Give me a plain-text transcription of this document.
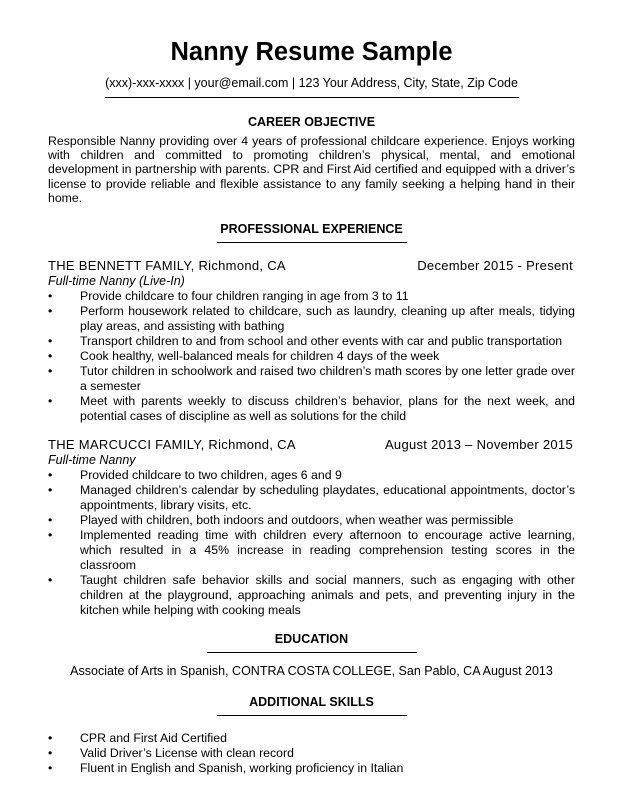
Nanny Resume Sample
(xxx)-xxx-xxxx | your@email.com | 123 Your Address, City, State, Zip Code
CAREER OBJECTIVE
Responsible Nanny providing over 4 years of professional childcare experience. Enjoys working with children and committed to promoting children’s physical, mental, and emotional development in partnership with parents. CPR and First Aid certified and equipped with a driver’s license to provide reliable and flexible assistance to any family seeking a helping hand in their home.
PROFESSIONAL EXPERIENCE
THE BENNETT FAMILY, Richmond, CA	December 2015 - Present
Full-time Nanny (Live-In)
• Provide childcare to four children ranging in age from 3 to 11
• Perform housework related to childcare, such as laundry, cleaning up after meals, tidying play areas, and assisting with bathing
• Transport children to and from school and other events with car and public transportation
• Cook healthy, well-balanced meals for children 4 days of the week
• Tutor children in schoolwork and raised two children’s math scores by one letter grade over a semester
• Meet with parents weekly to discuss children’s behavior, plans for the next week, and potential cases of discipline as well as solutions for the child
THE MARCUCCI FAMILY, Richmond, CA	August 2013 – November 2015
Full-time Nanny
• Provided childcare to two children, ages 6 and 9
• Managed children’s calendar by scheduling playdates, educational appointments, doctor’s appointments, library visits, etc.
• Played with children, both indoors and outdoors, when weather was permissible
• Implemented reading time with children every afternoon to encourage active learning, which resulted in a 45% increase in reading comprehension testing scores in the classroom
• Taught children safe behavior skills and social manners, such as engaging with other children at the playground, approaching animals and pets, and preventing injury in the kitchen while helping with cooking meals
EDUCATION
Associate of Arts in Spanish, CONTRA COSTA COLLEGE, San Pablo, CA August 2013
ADDITIONAL SKILLS
• CPR and First Aid Certified
• Valid Driver’s License with clean record
• Fluent in English and Spanish, working proficiency in Italian
